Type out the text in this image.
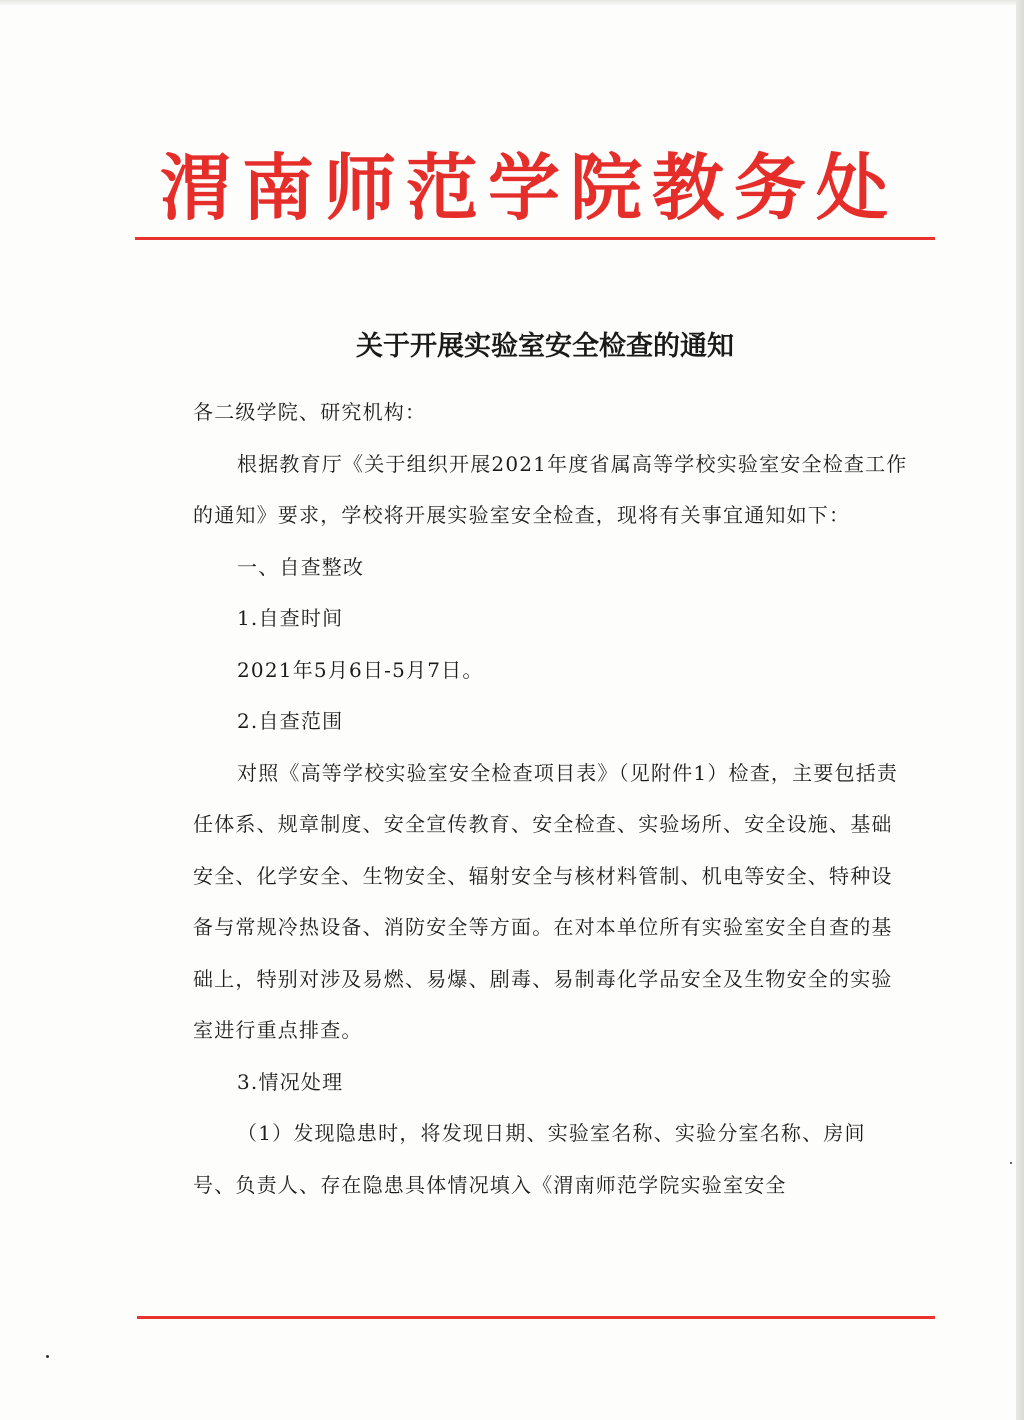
渭南师范学院教务处
关于开展实验室安全检查的通知

各二级学院、研究机构：

根据教育厅《关于组织开展2021年度省属高等学校实验室安全检查工作的通知》要求，学校将开展实验室安全检查，现将有关事宜通知如下：

一、自查整改

1.自查时间

2021年5月6日-5月7日。

2.自查范围

对照《高等学校实验室安全检查项目表》（见附件1）检查，主要包括责任体系、规章制度、安全宣传教育、安全检查、实验场所、安全设施、基础安全、化学安全、生物安全、辐射安全与核材料管制、机电等安全、特种设备与常规冷热设备、消防安全等方面。在对本单位所有实验室安全自查的基础上，特别对涉及易燃、易爆、剧毒、易制毒化学品安全及生物安全的实验室进行重点排查。

3.情况处理

（1）发现隐患时，将发现日期、实验室名称、实验分室名称、房间号、负责人、存在隐患具体情况填入《渭南师范学院实验室安全
